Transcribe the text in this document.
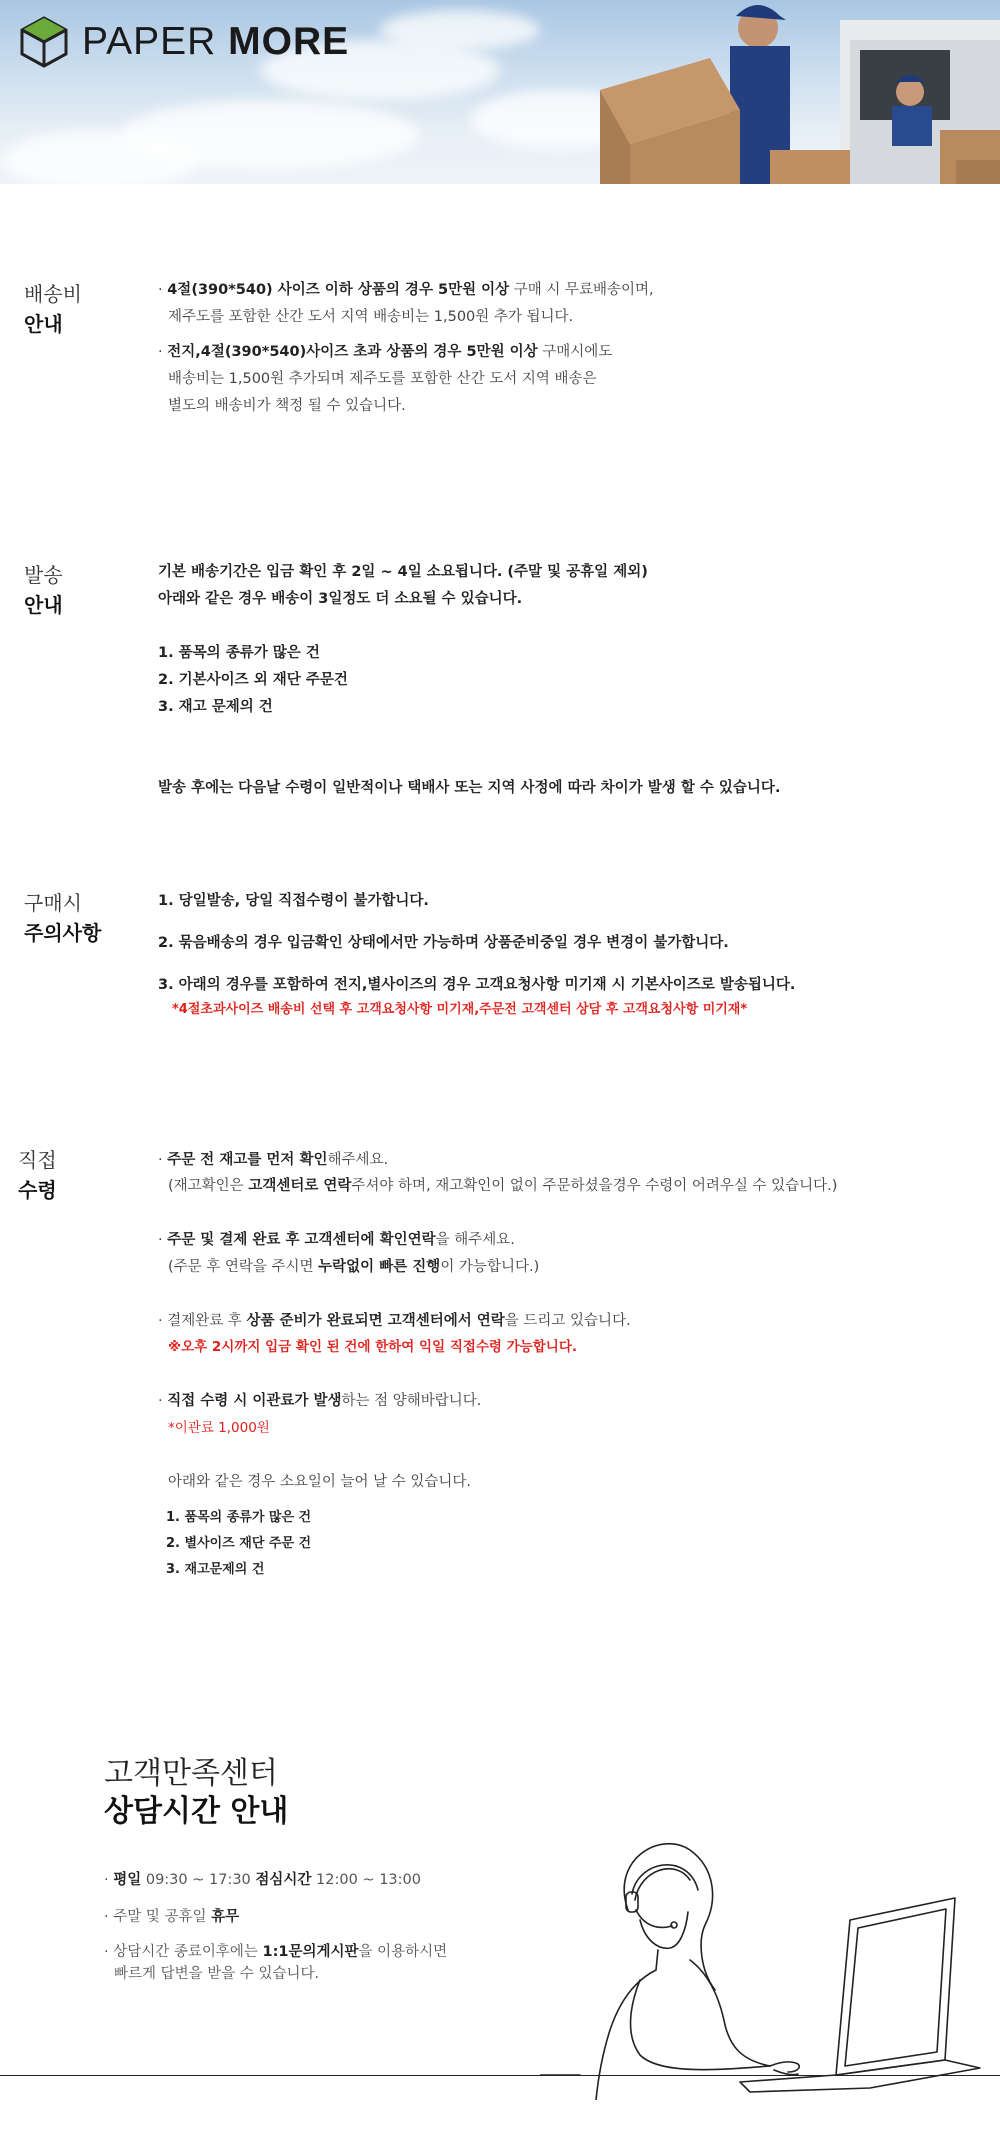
PAPER MORE
배송비
안내
· 4절(390*540) 사이즈 이하 상품의 경우 5만원 이상 구매 시 무료배송이며,
제주도를 포함한 산간 도서 지역 배송비는 1,500원 추가 됩니다.
· 전지,4절(390*540)사이즈 초과 상품의 경우 5만원 이상 구매시에도
배송비는 1,500원 추가되며 제주도를 포함한 산간 도서 지역 배송은
별도의 배송비가 책정 될 수 있습니다.
발송
안내
기본 배송기간은 입금 확인 후 2일 ~ 4일 소요됩니다. (주말 및 공휴일 제외)
아래와 같은 경우 배송이 3일정도 더 소요될 수 있습니다.
1. 품목의 종류가 많은 건
2. 기본사이즈 외 재단 주문건
3. 재고 문제의 건
발송 후에는 다음날 수령이 일반적이나 택배사 또는 지역 사정에 따라 차이가 발생 할 수 있습니다.
구매시
주의사항
1. 당일발송, 당일 직접수령이 불가합니다.
2. 묶음배송의 경우 입금확인 상태에서만 가능하며 상품준비중일 경우 변경이 불가합니다.
3. 아래의 경우를 포함하여 전지,별사이즈의 경우 고객요청사항 미기재 시 기본사이즈로 발송됩니다.
*4절초과사이즈 배송비 선택 후 고객요청사항 미기재,주문전 고객센터 상담 후 고객요청사항 미기재*
직접
수령
· 주문 전 재고를 먼저 확인해주세요.
(재고확인은 고객센터로 연락주셔야 하며, 재고확인이 없이 주문하셨을경우 수령이 어려우실 수 있습니다.)
· 주문 및 결제 완료 후 고객센터에 확인연락을 해주세요.
(주문 후 연락을 주시면 누락없이 빠른 진행이 가능합니다.)
· 결제완료 후 상품 준비가 완료되면 고객센터에서 연락을 드리고 있습니다.
※오후 2시까지 입금 확인 된 건에 한하여 익일 직접수령 가능합니다.
· 직접 수령 시 이관료가 발생하는 점 양해바랍니다.
*이관료 1,000원
아래와 같은 경우 소요일이 늘어 날 수 있습니다.
1. 품목의 종류가 많은 건
2. 별사이즈 재단 주문 건
3. 재고문제의 건
고객만족센터
상담시간 안내
· 평일 09:30 ~ 17:30 점심시간 12:00 ~ 13:00
· 주말 및 공휴일 휴무
· 상담시간 종료이후에는 1:1문의게시판을 이용하시면
빠르게 답변을 받을 수 있습니다.
